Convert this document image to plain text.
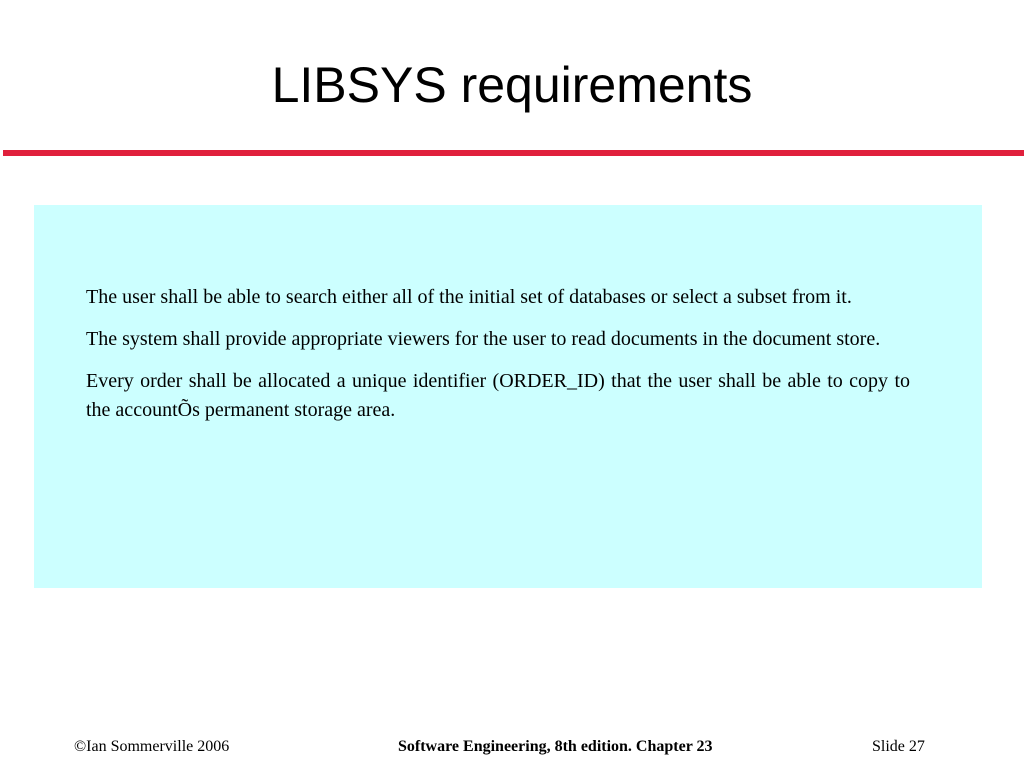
LIBSYS requirements

The user shall be able to search either all of the initial set of databases or select a subset from it.

The system shall provide appropriate viewers for the user to read documents in the document store.

Every order shall be allocated a unique identifier (ORDER_ID) that the user shall be able to copy to the accountÕs permanent storage area.

©Ian Sommerville 2006	Software Engineering, 8th edition. Chapter 23	Slide 27
